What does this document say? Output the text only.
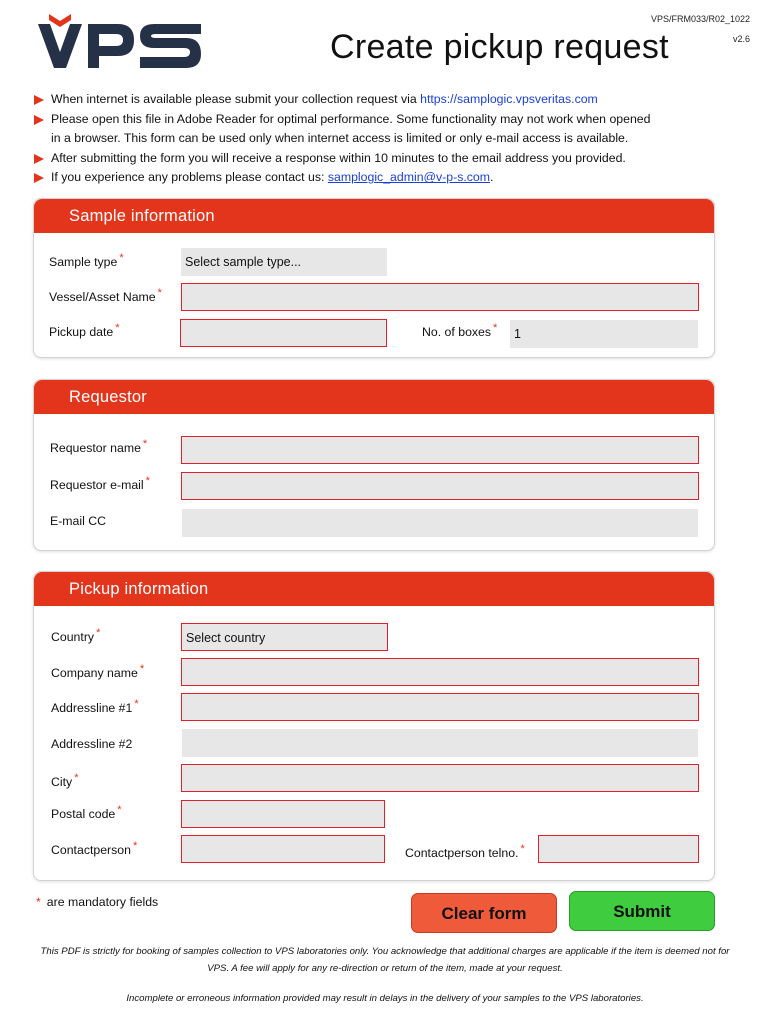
VPS/FRM033/R02_1022
v2.6
Create pickup request
When internet is available please submit your collection request via https://samplogic.vpsveritas.com
Please open this file in Adobe Reader for optimal performance. Some functionality may not work when opened
in a browser. This form can be used only when internet access is limited or only e-mail access is available.
After submitting the form you will receive a response within 10 minutes to the email address you provided.
If you experience any problems please contact us: samplogic_admin@v-p-s.com.
Sample information
Sample type *	Select sample type...
Vessel/Asset Name *
Pickup date *	No. of boxes *	1
Requestor
Requestor name *
Requestor e-mail *
E-mail CC
Pickup information
Country *	Select country
Company name *
Addressline #1 *
Addressline #2
City *
Postal code *
Contactperson *	Contactperson telno. *
* are mandatory fields
Clear form	Submit
This PDF is strictly for booking of samples collection to VPS laboratories only. You acknowledge that additional charges are applicable if the item is deemed not for VPS. A fee will apply for any re-direction or return of the item, made at your request.
Incomplete or erroneous information provided may result in delays in the delivery of your samples to the VPS laboratories.
